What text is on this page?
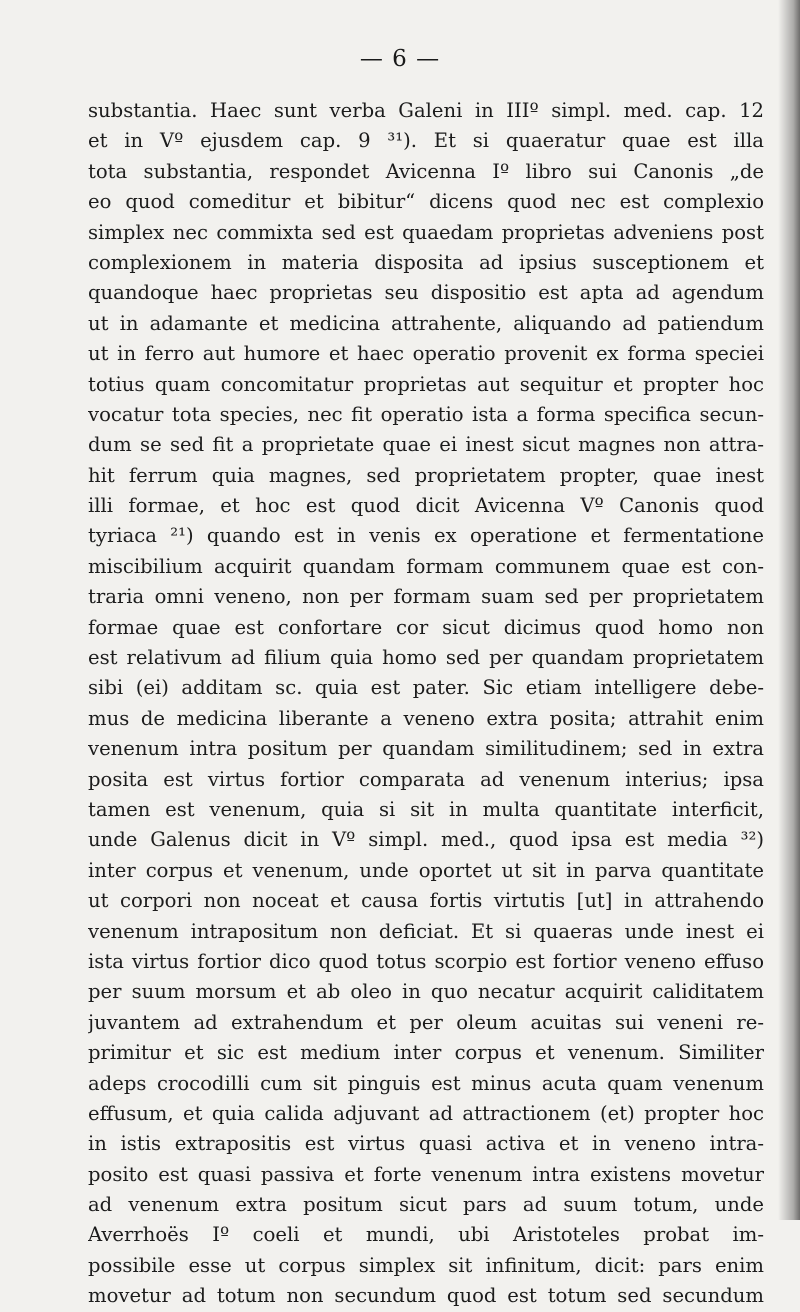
— 6 —
substantia. Haec sunt verba Galeni in IIIº simpl. med. cap. 12
et in Vº ejusdem cap. 9 ³¹). Et si quaeratur quae est illa
tota substantia, respondet Avicenna Iº libro sui Canonis „de
eo quod comeditur et bibitur“ dicens quod nec est complexio
simplex nec commixta sed est quaedam proprietas adveniens post
complexionem in materia disposita ad ipsius susceptionem et
quandoque haec proprietas seu dispositio est apta ad agendum
ut in adamante et medicina attrahente, aliquando ad patiendum
ut in ferro aut humore et haec operatio provenit ex forma speciei
totius quam concomitatur proprietas aut sequitur et propter hoc
vocatur tota species, nec fit operatio ista a forma specifica secun-
dum se sed fit a proprietate quae ei inest sicut magnes non attra-
hit ferrum quia magnes, sed proprietatem propter, quae inest
illi formae, et hoc est quod dicit Avicenna Vº Canonis quod
tyriaca ²¹) quando est in venis ex operatione et fermentatione
miscibilium acquirit quandam formam communem quae est con-
traria omni veneno, non per formam suam sed per proprietatem
formae quae est confortare cor sicut dicimus quod homo non
est relativum ad filium quia homo sed per quandam proprietatem
sibi (ei) additam sc. quia est pater. Sic etiam intelligere debe-
mus de medicina liberante a veneno extra posita; attrahit enim
venenum intra positum per quandam similitudinem; sed in extra
posita est virtus fortior comparata ad venenum interius; ipsa
tamen est venenum, quia si sit in multa quantitate interficit,
unde Galenus dicit in Vº simpl. med., quod ipsa est media ³²)
inter corpus et venenum, unde oportet ut sit in parva quantitate
ut corpori non noceat et causa fortis virtutis [ut] in attrahendo
venenum intrapositum non deficiat. Et si quaeras unde inest ei
ista virtus fortior dico quod totus scorpio est fortior veneno effuso
per suum morsum et ab oleo in quo necatur acquirit caliditatem
juvantem ad extrahendum et per oleum acuitas sui veneni re-
primitur et sic est medium inter corpus et venenum. Similiter
adeps crocodilli cum sit pinguis est minus acuta quam venenum
effusum, et quia calida adjuvant ad attractionem (et) propter hoc
in istis extrapositis est virtus quasi activa et in veneno intra-
posito est quasi passiva et forte venenum intra existens movetur
ad venenum extra positum sicut pars ad suum totum, unde
Averrhoës Iº coeli et mundi, ubi Aristoteles probat im-
possibile esse ut corpus simplex sit infinitum, dicit: pars enim
movetur ad totum non secundum quod est totum sed secundum
